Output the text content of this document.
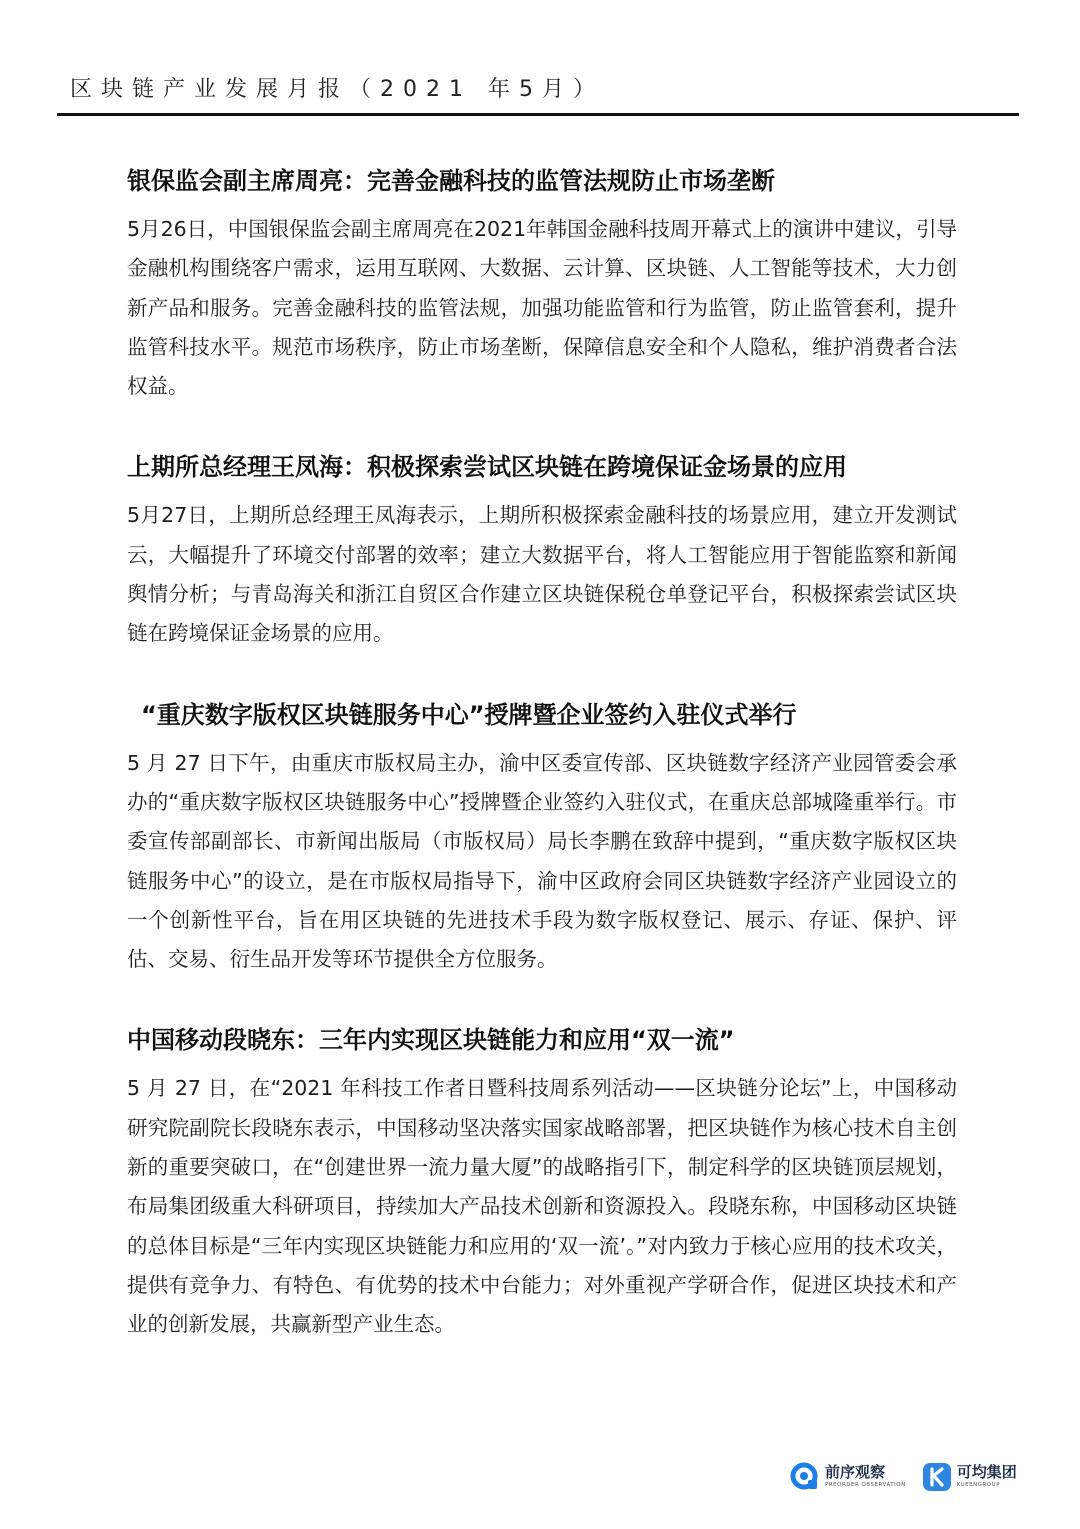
区块链产业发展月报（2021 年5月）
银保监会副主席周亮：完善金融科技的监管法规防止市场垄断

5月26日，中国银保监会副主席周亮在2021年韩国金融科技周开幕式上的演讲中建议，引导金融机构围绕客户需求，运用互联网、大数据、云计算、区块链、人工智能等技术，大力创新产品和服务。完善金融科技的监管法规，加强功能监管和行为监管，防止监管套利，提升监管科技水平。规范市场秩序，防止市场垄断，保障信息安全和个人隐私，维护消费者合法权益。

上期所总经理王凤海：积极探索尝试区块链在跨境保证金场景的应用

5月27日，上期所总经理王凤海表示，上期所积极探索金融科技的场景应用，建立开发测试云，大幅提升了环境交付部署的效率；建立大数据平台，将人工智能应用于智能监察和新闻舆情分析；与青岛海关和浙江自贸区合作建立区块链保税仓单登记平台，积极探索尝试区块链在跨境保证金场景的应用。

“重庆数字版权区块链服务中心”授牌暨企业签约入驻仪式举行

5 月 27 日下午，由重庆市版权局主办，渝中区委宣传部、区块链数字经济产业园管委会承办的“重庆数字版权区块链服务中心”授牌暨企业签约入驻仪式，在重庆总部城隆重举行。市委宣传部副部长、市新闻出版局（市版权局）局长李鹏在致辞中提到，“重庆数字版权区块链服务中心”的设立，是在市版权局指导下，渝中区政府会同区块链数字经济产业园设立的一个创新性平台，旨在用区块链的先进技术手段为数字版权登记、展示、存证、保护、评估、交易、衍生品开发等环节提供全方位服务。

中国移动段晓东：三年内实现区块链能力和应用“双一流”

5 月 27 日，在“2021 年科技工作者日暨科技周系列活动——区块链分论坛”上，中国移动研究院副院长段晓东表示，中国移动坚决落实国家战略部署，把区块链作为核心技术自主创新的重要突破口，在“创建世界一流力量大厦”的战略指引下，制定科学的区块链顶层规划，布局集团级重大科研项目，持续加大产品技术创新和资源投入。段晓东称，中国移动区块链的总体目标是“三年内实现区块链能力和应用的‘双一流’。”对内致力于核心应用的技术攻关，提供有竞争力、有特色、有优势的技术中台能力；对外重视产学研合作，促进区块技术和产业的创新发展，共赢新型产业生态。

前序观察
PREORDER OBSERVATION
可均集团
KUEENGROUP
